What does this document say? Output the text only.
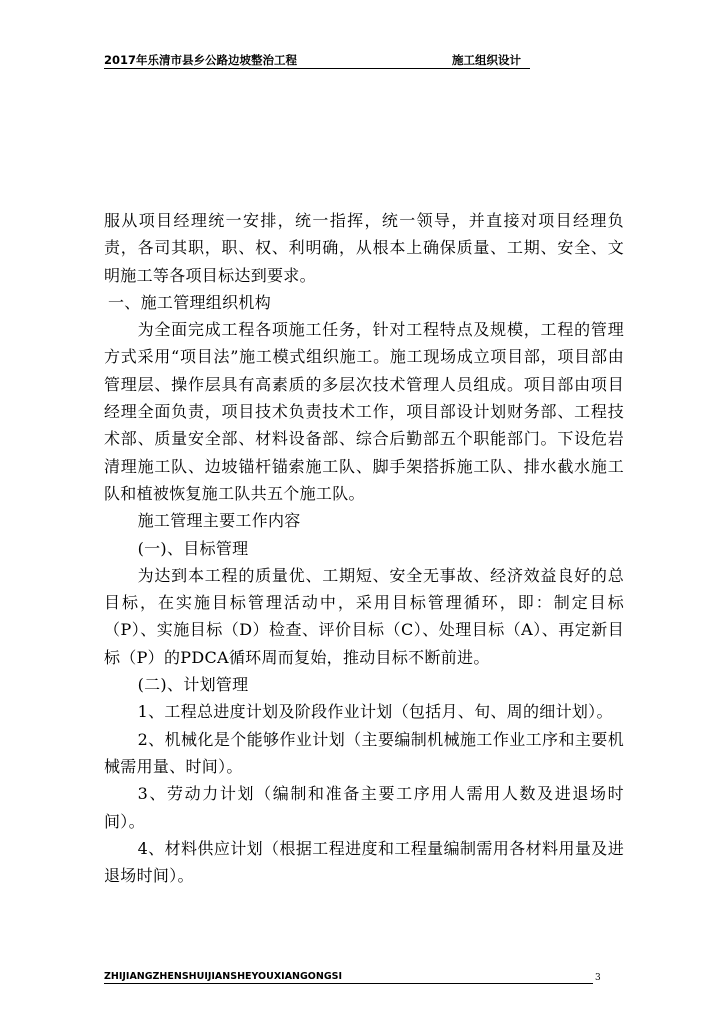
2017年乐清市县乡公路边坡整治工程	施工组织设计

服从项目经理统一安排，统一指挥，统一领导，并直接对项目经理负责，各司其职，职、权、利明确，从根本上确保质量、工期、安全、文明施工等各项目标达到要求。

一、施工管理组织机构

为全面完成工程各项施工任务，针对工程特点及规模，工程的管理方式采用“项目法”施工模式组织施工。施工现场成立项目部，项目部由管理层、操作层具有高素质的多层次技术管理人员组成。项目部由项目经理全面负责，项目技术负责技术工作，项目部设计划财务部、工程技术部、质量安全部、材料设备部、综合后勤部五个职能部门。下设危岩清理施工队、边坡锚杆锚索施工队、脚手架搭拆施工队、排水截水施工队和植被恢复施工队共五个施工队。

施工管理主要工作内容

(一)、目标管理

为达到本工程的质量优、工期短、安全无事故、经济效益良好的总目标，在实施目标管理活动中，采用目标管理循环，即：制定目标（P）、实施目标（D）检查、评价目标（C）、处理目标（A）、再定新目标（P）的PDCA循环周而复始，推动目标不断前进。

(二)、计划管理

1、工程总进度计划及阶段作业计划（包括月、旬、周的细计划）。

2、机械化是个能够作业计划（主要编制机械施工作业工序和主要机械需用量、时间）。

3、劳动力计划（编制和准备主要工序用人需用人数及进退场时间）。

4、材料供应计划（根据工程进度和工程量编制需用各材料用量及进退场时间）。

ZHIJIANGZHENSHUIJIANSHEYOUXIANGONGSI	3
